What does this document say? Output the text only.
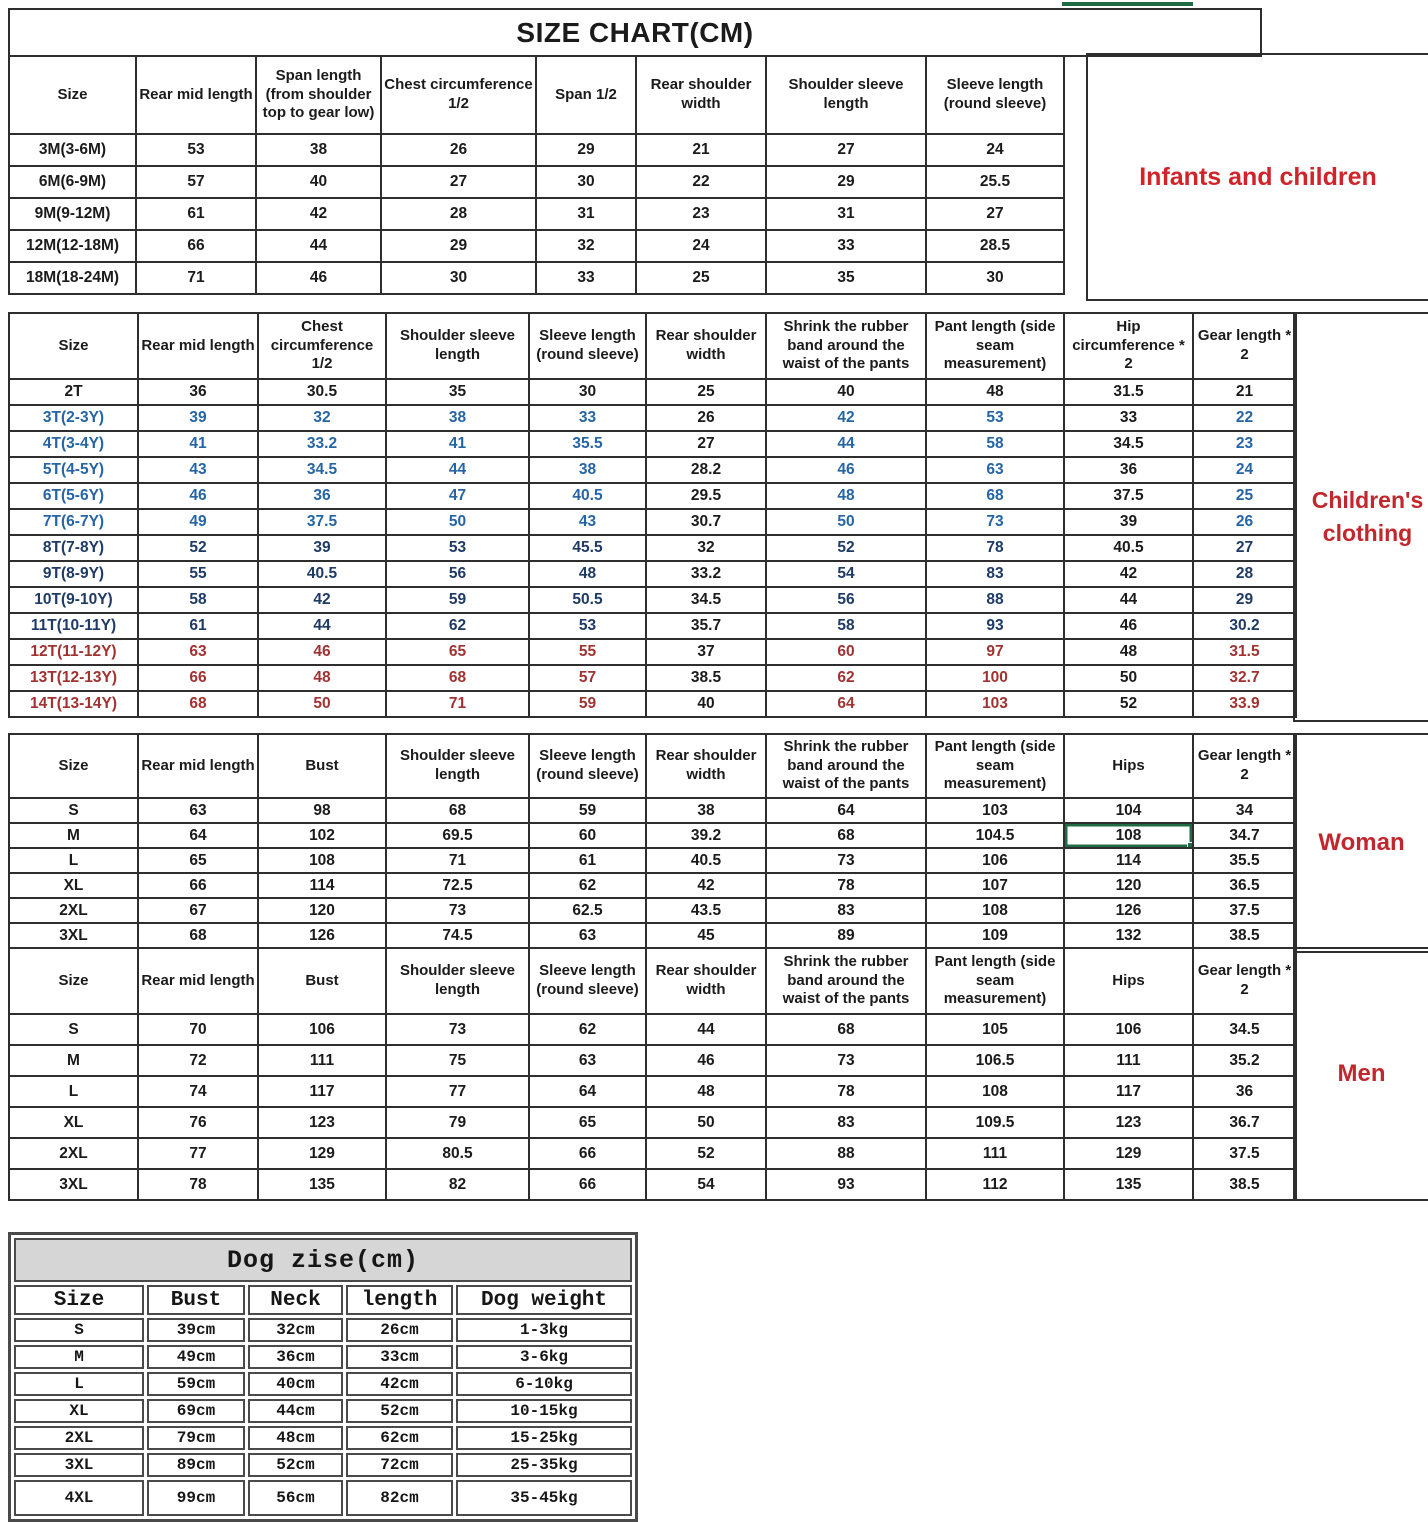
SIZE CHART(CM)
Size	Rear mid length	Span length (from shoulder top to gear low)	Chest circumference 1/2	Span 1/2	Rear shoulder width	Shoulder sleeve length	Sleeve length (round sleeve)
3M(3-6M)	53	38	26	29	21	27	24
6M(6-9M)	57	40	27	30	22	29	25.5
9M(9-12M)	61	42	28	31	23	31	27
12M(12-18M)	66	44	29	32	24	33	28.5
18M(18-24M)	71	46	30	33	25	35	30
Infants and children
Size	Rear mid length	Chest circumference 1/2	Shoulder sleeve length	Sleeve length (round sleeve)	Rear shoulder width	Shrink the rubber band around the waist of the pants	Pant length (side seam measurement)	Hip circumference * 2	Gear length * 2
2T	36	30.5	35	30	25	40	48	31.5	21
3T(2-3Y)	39	32	38	33	26	42	53	33	22
4T(3-4Y)	41	33.2	41	35.5	27	44	58	34.5	23
5T(4-5Y)	43	34.5	44	38	28.2	46	63	36	24
6T(5-6Y)	46	36	47	40.5	29.5	48	68	37.5	25
7T(6-7Y)	49	37.5	50	43	30.7	50	73	39	26
8T(7-8Y)	52	39	53	45.5	32	52	78	40.5	27
9T(8-9Y)	55	40.5	56	48	33.2	54	83	42	28
10T(9-10Y)	58	42	59	50.5	34.5	56	88	44	29
11T(10-11Y)	61	44	62	53	35.7	58	93	46	30.2
12T(11-12Y)	63	46	65	55	37	60	97	48	31.5
13T(12-13Y)	66	48	68	57	38.5	62	100	50	32.7
14T(13-14Y)	68	50	71	59	40	64	103	52	33.9
Children's clothing
Size	Rear mid length	Bust	Shoulder sleeve length	Sleeve length (round sleeve)	Rear shoulder width	Shrink the rubber band around the waist of the pants	Pant length (side seam measurement)	Hips	Gear length * 2
S	63	98	68	59	38	64	103	104	34
M	64	102	69.5	60	39.2	68	104.5	108	34.7
L	65	108	71	61	40.5	73	106	114	35.5
XL	66	114	72.5	62	42	78	107	120	36.5
2XL	67	120	73	62.5	43.5	83	108	126	37.5
3XL	68	126	74.5	63	45	89	109	132	38.5
Size	Rear mid length	Bust	Shoulder sleeve length	Sleeve length (round sleeve)	Rear shoulder width	Shrink the rubber band around the waist of the pants	Pant length (side seam measurement)	Hips	Gear length * 2
S	70	106	73	62	44	68	105	106	34.5
M	72	111	75	63	46	73	106.5	111	35.2
L	74	117	77	64	48	78	108	117	36
XL	76	123	79	65	50	83	109.5	123	36.7
2XL	77	129	80.5	66	52	88	111	129	37.5
3XL	78	135	82	66	54	93	112	135	38.5
Woman
Men
Dog zise(cm)				
Size	Bust	Neck	length	Dog weight
S	39cm	32cm	26cm	1-3kg
M	49cm	36cm	33cm	3-6kg
L	59cm	40cm	42cm	6-10kg
XL	69cm	44cm	52cm	10-15kg
2XL	79cm	48cm	62cm	15-25kg
3XL	89cm	52cm	72cm	25-35kg
4XL	99cm	56cm	82cm	35-45kg
